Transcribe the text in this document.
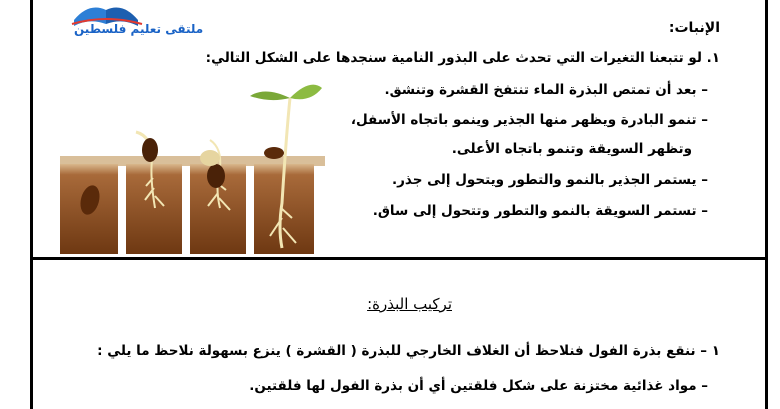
ملتقى تعليم فلسطين	الإنبات:
١. لو تتبعنا التغيرات التي تحدث على البذور النامية سنجدها على الشكل التالي:
– بعد أن تمتص البذرة الماء تنتفخ القشرة وتنشق.
– تنمو البادرة ويظهر منها الجذير وينمو باتجاه الأسفل،
وتظهر السويقة وتنمو باتجاه الأعلى.
– يستمر الجذير بالنمو والتطور ويتحول إلى جذر.
– تستمر السويقة بالنمو والتطور وتتحول إلى ساق.
تركيب البذرة:
١ – ننقع بذرة الفول فنلاحظ أن الغلاف الخارجي للبذرة ( القشرة ) ينزع بسهولة نلاحظ ما يلي :
– مواد غذائية مختزنة على شكل فلقتين أي أن بذرة الفول لها فلقتين.
